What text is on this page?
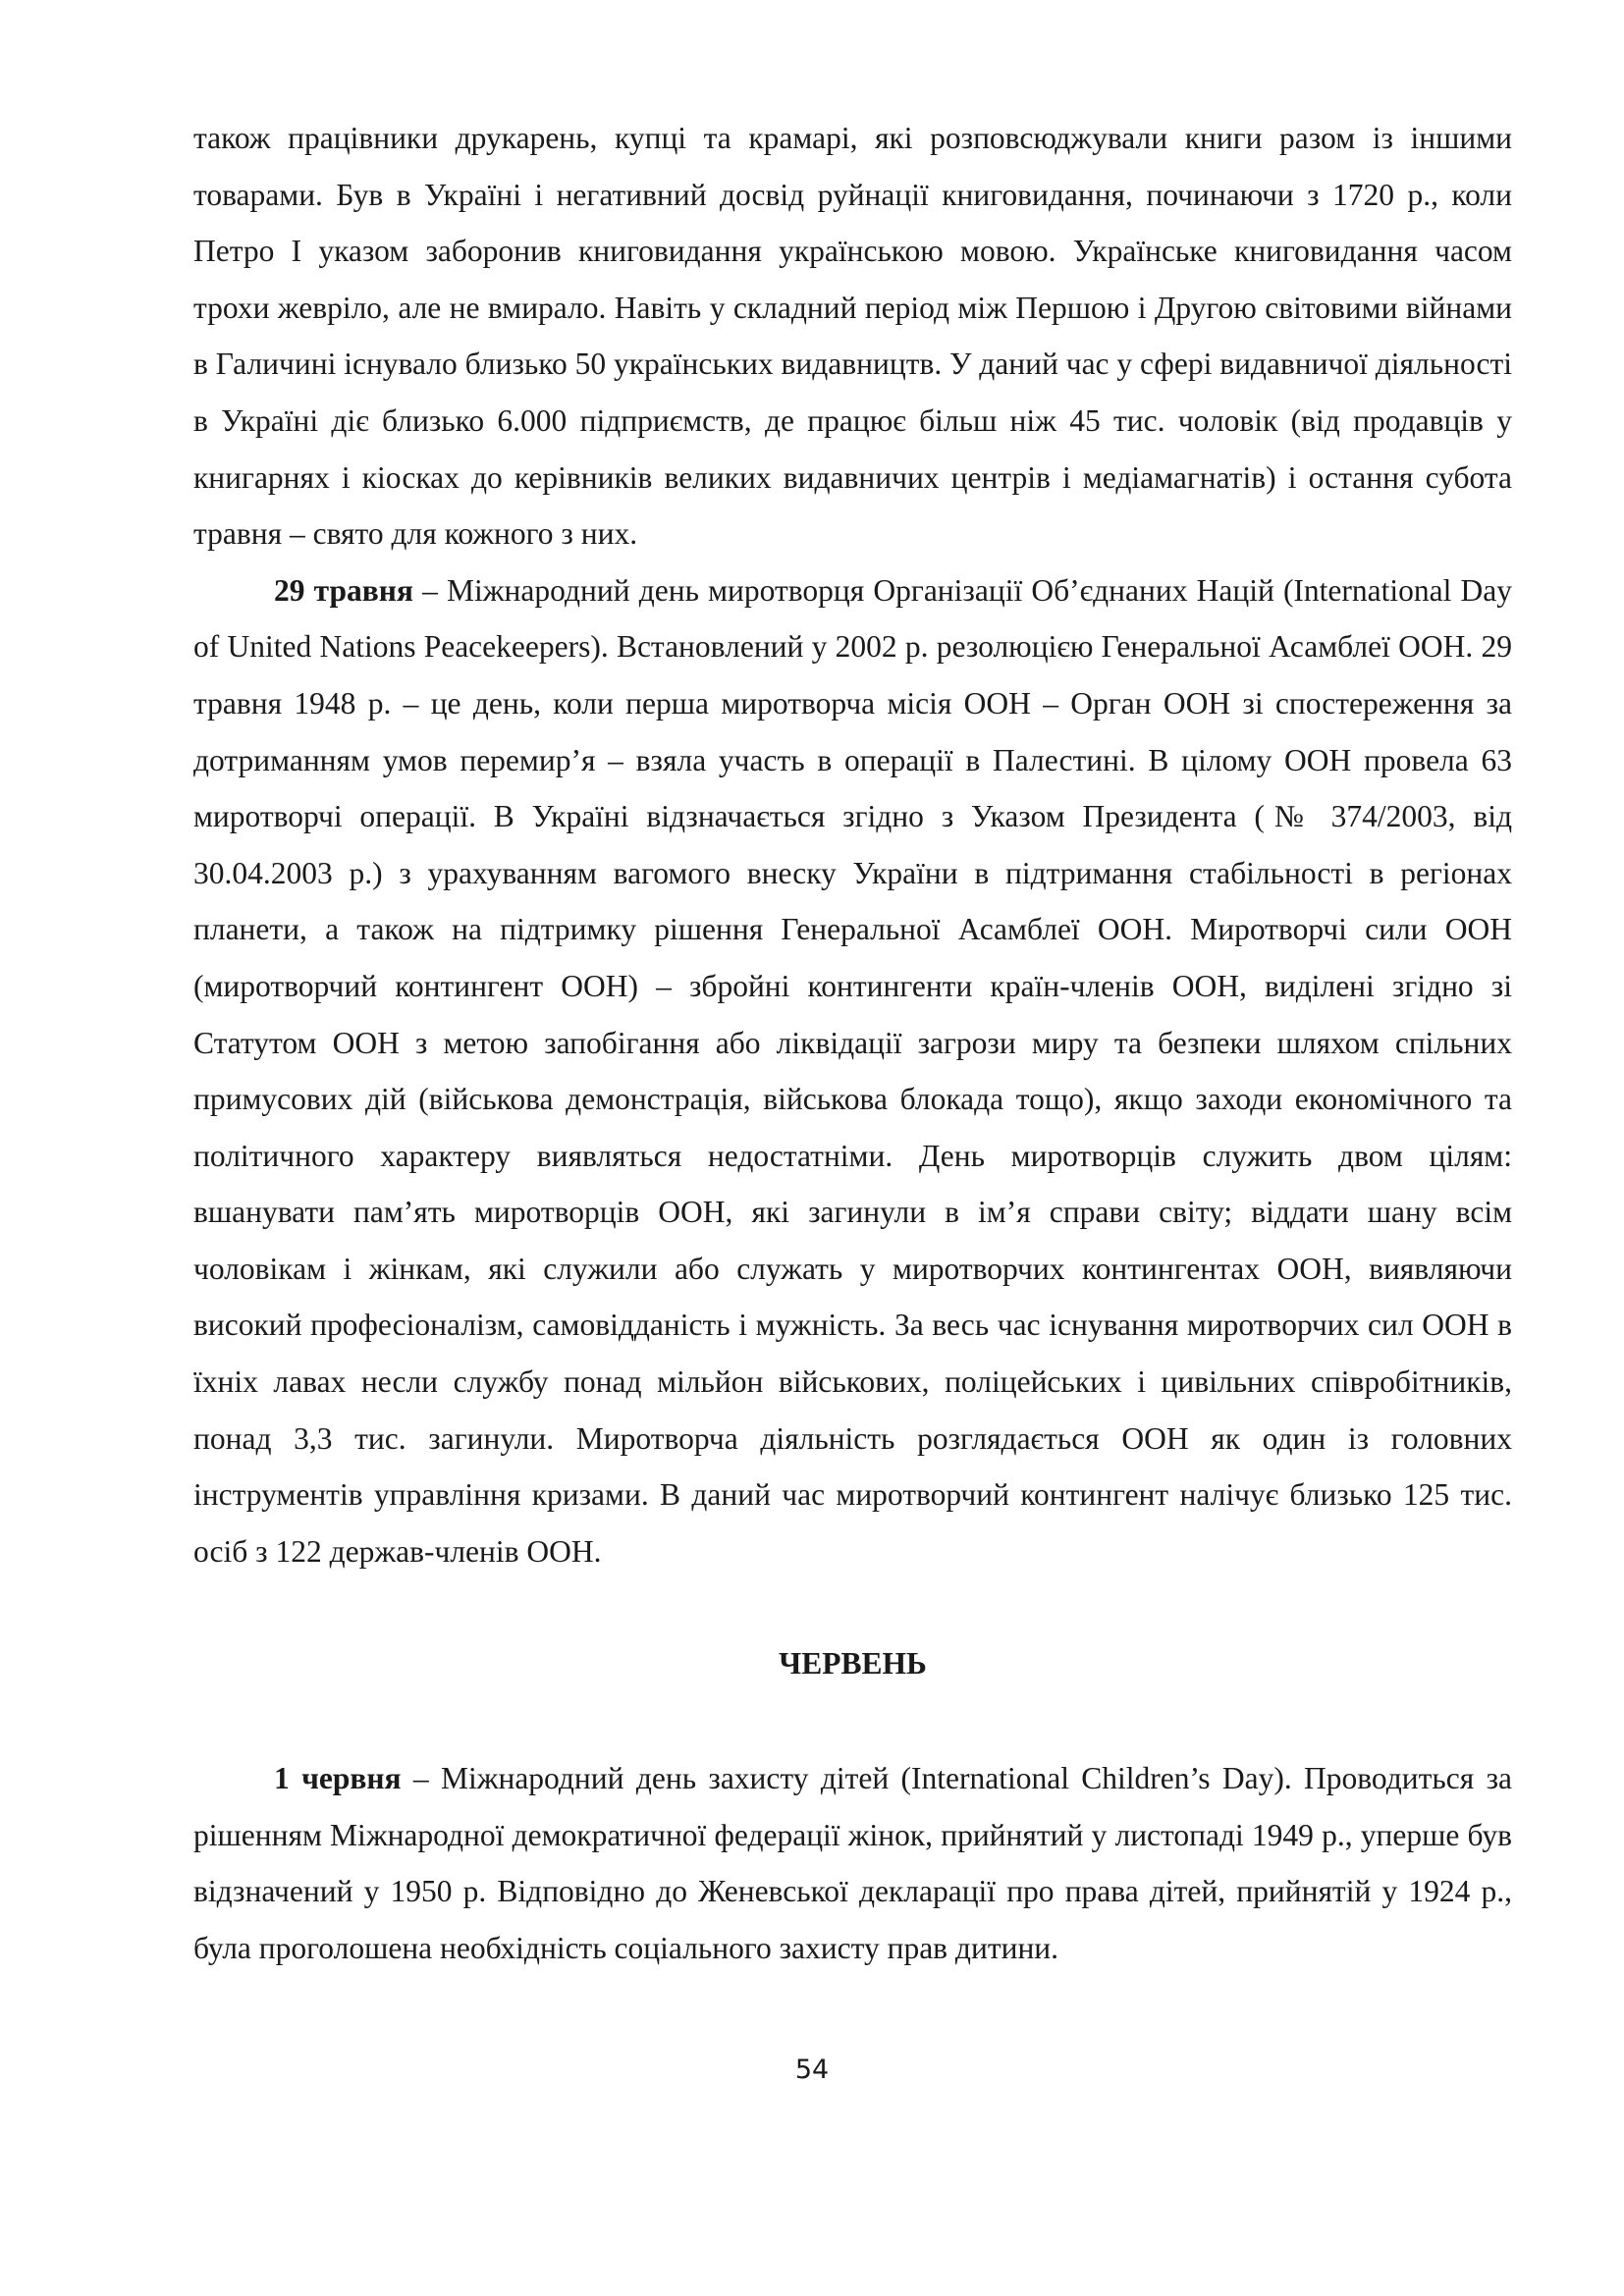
також працівники друкарень, купці та крамарі, які розповсюджували книги разом із іншими товарами. Був в Україні і негативний досвід руйнації книговидання, починаючи з 1720 р., коли Петро І указом заборонив книговидання українською мовою. Українське книговидання часом трохи жевріло, але не вмирало. Навіть у складний період між Першою і Другою світовими війнами в Галичині існувало близько 50 українських видавництв. У даний час у сфері видавничої діяльності в Україні діє близько 6.000 підприємств, де працює більш ніж 45 тис. чоловік (від продавців у книгарнях і кіосках до керівників великих видавничих центрів і медіамагнатів) і остання субота травня – свято для кожного з них.

29 травня – Міжнародний день миротворця Організації Об’єднаних Націй (International Day of United Nations Peacekeepers). Встановлений у 2002 р. резолюцією Генеральної Асамблеї ООН. 29 травня 1948 р. – це день, коли перша миротворча місія ООН – Орган ООН зі спостереження за дотриманням умов перемир’я – взяла участь в операції в Палестині. В цілому ООН провела 63 миротворчі операції. В Україні відзначається згідно з Указом Президента (№ 374/2003, від 30.04.2003 р.) з урахуванням вагомого внеску України в підтримання стабільності в регіонах планети, а також на підтримку рішення Генеральної Асамблеї ООН. Миротворчі сили ООН (миротворчий контингент ООН) – збройні контингенти країн-членів ООН, виділені згідно зі Статутом ООН з метою запобігання або ліквідації загрози миру та безпеки шляхом спільних примусових дій (військова демонстрація, військова блокада тощо), якщо заходи економічного та політичного характеру виявляться недостатніми. День миротворців служить двом цілям: вшанувати пам’ять миротворців ООН, які загинули в ім’я справи світу; віддати шану всім чоловікам і жінкам, які служили або служать у миротворчих контингентах ООН, виявляючи високий професіоналізм, самовідданість і мужність. За весь час існування миротворчих сил ООН в їхніх лавах несли службу понад мільйон військових, поліцейських і цивільних співробітників, понад 3,3 тис. загинули. Миротворча діяльність розглядається ООН як один із головних інструментів управління кризами. В даний час миротворчий контингент налічує близько 125 тис. осіб з 122 держав-членів ООН.

ЧЕРВЕНЬ

1 червня – Міжнародний день захисту дітей (International Children’s Day). Проводиться за рішенням Міжнародної демократичної федерації жінок, прийнятий у листопаді 1949 р., уперше був відзначений у 1950 р. Відповідно до Женевської декларації про права дітей, прийнятій у 1924 р., була проголошена необхідність соціального захисту прав дитини.

54
